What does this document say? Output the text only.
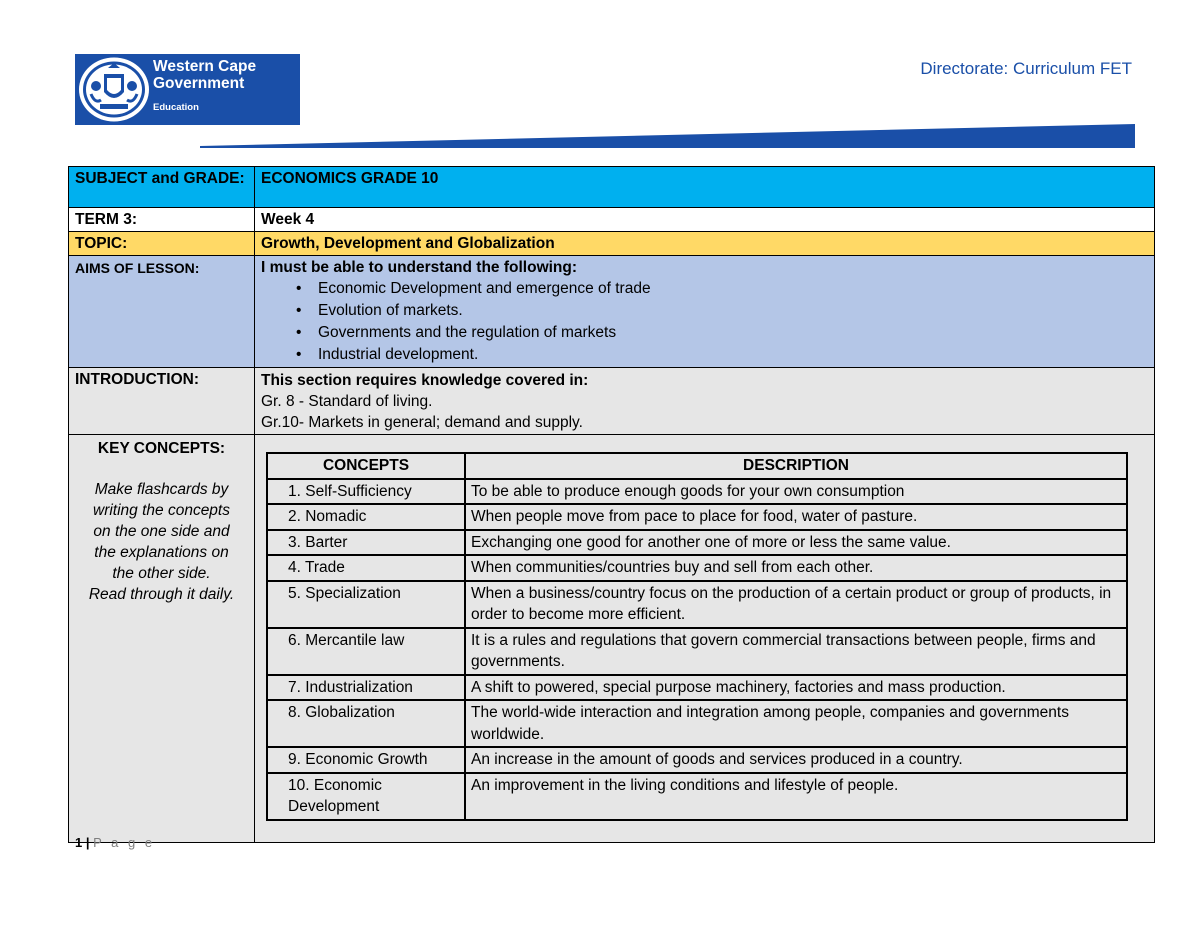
Western Cape
Government
Education
Directorate: Curriculum FET
SUBJECT and GRADE:	ECONOMICS GRADE 10
TERM 3:	Week 4
TOPIC:	Growth, Development and Globalization
AIMS OF LESSON:	I must be able to understand the following:
• Economic Development and emergence of trade
• Evolution of markets.
• Governments and the regulation of markets
• Industrial development.

INTRODUCTION:	This section requires knowledge covered in:
Gr. 8 - Standard of living.
Gr.10- Markets in general; demand and supply.

KEY CONCEPTS:
Make flashcards by
writing the concepts
on the one side and
the explanations on
the other side.
Read through it daily.

CONCEPTS	DESCRIPTION
1. Self-Sufficiency	To be able to produce enough goods for your own consumption
2. Nomadic	When people move from pace to place for food, water of pasture.
3. Barter	Exchanging one good for another one of more or less the same value.
4. Trade	When communities/countries buy and sell from each other.
5. Specialization	When a business/country focus on the production of a certain product or group of products, in order to become more efficient.
6. Mercantile law	It is a rules and regulations that govern commercial transactions between people, firms and governments.
7. Industrialization	A shift to powered, special purpose machinery, factories and mass production.
8. Globalization	The world-wide interaction and integration among people, companies and governments worldwide.
9. Economic Growth	An increase in the amount of goods and services produced in a country.
10. Economic         Development	An improvement in the living conditions and lifestyle of people.
1 | P a g e
